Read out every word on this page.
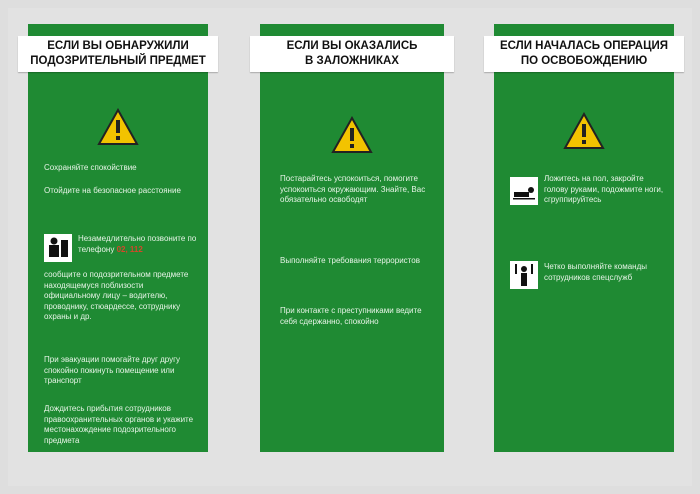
ЕСЛИ ВЫ ОБНАРУЖИЛИ
ПОДОЗРИТЕЛЬНЫЙ ПРЕДМЕТ
Сохраняйте спокойствие
Отойдите на безопасное расстояние
Незамедлительно позвоните по телефону 02, 112
сообщите о подозрительном предмете находящемуся поблизости официальному лицу – водителю, проводнику, стюардессе, сотруднику охраны и др.
При эвакуации помогайте друг другу спокойно покинуть помещение или транспорт
Дождитесь прибытия сотрудников правоохранительных органов и укажите местонахождение подозрительного предмета
ЕСЛИ ВЫ ОКАЗАЛИСЬ
В ЗАЛОЖНИКАХ
Постарайтесь успокоиться, помогите успокоиться окружающим. Знайте, Вас обязательно освободят
Выполняйте требования террористов
При контакте с преступниками ведите себя сдержанно, спокойно
ЕСЛИ НАЧАЛАСЬ ОПЕРАЦИЯ
ПО ОСВОБОЖДЕНИЮ
Ложитесь на пол, закройте голову руками, подожмите ноги, сгруппируйтесь
Четко выполняйте команды сотрудников спецслужб
